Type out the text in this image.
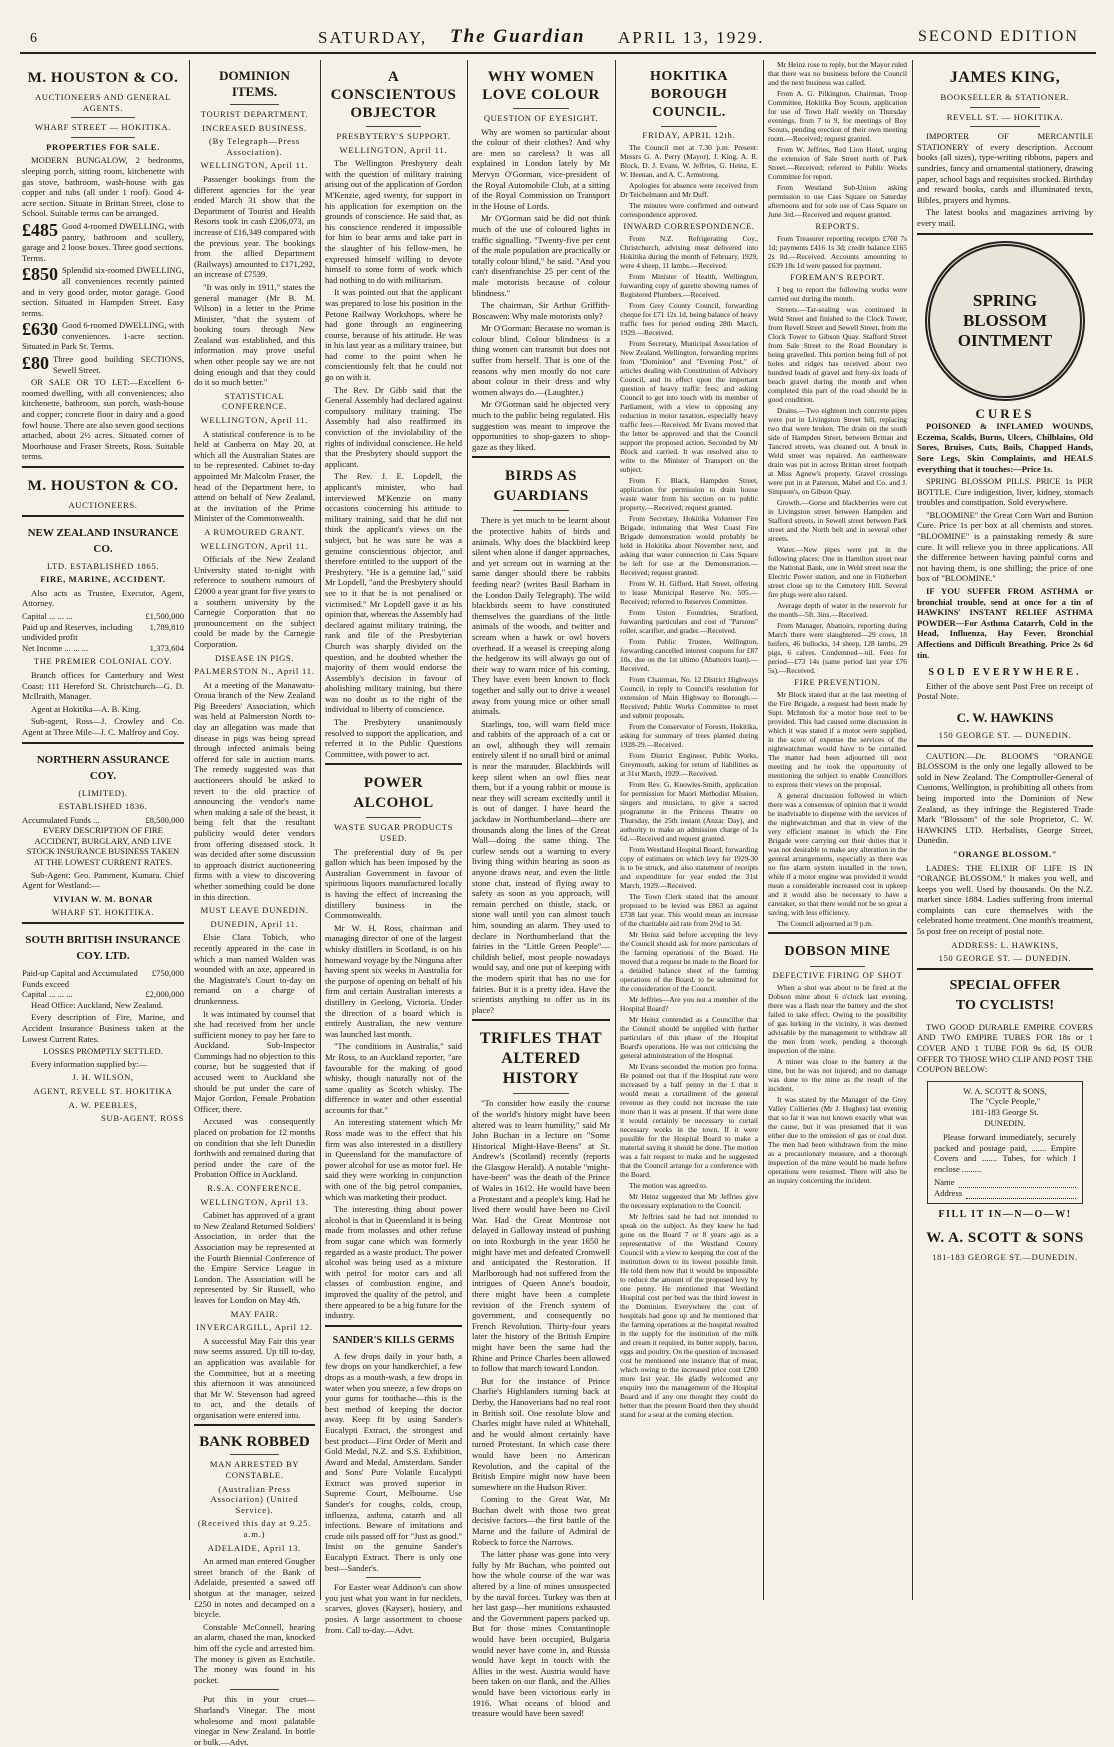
6	SATURDAY, The Guardian APRIL 13, 1929.	SECOND EDITION
M. HOUSTON & CO.
AUCTIONEERS AND GENERAL AGENTS.
WHARF STREET — HOKITIKA.
PROPERTIES FOR SALE.

MODERN BUNGALOW, 2 bedrooms, sleeping porch, sitting room, kitchenette with gas stove, bathroom, wash-house with gas copper and tubs (all under 1 roof). Good 4-acre section. Situate in Brittan Street, close to School. Suitable terms can be arranged.

£485 Good 4-roomed DWELLING, with pantry, bathroom and scullery, garage and 2 loose boxes. Three good sections. Terms.

£850 Splendid six-roomed DWELLING, all conveniences recently painted and in very good order, motor garage. Good section. Situated in Hampden Street. Easy terms.

£630 Good 6-roomed DWELLING, with conveniences. 1-acre section. Situated in Park St. Terms.

£80 Three good building SECTIONS, Sewell Street.

OR SALE OR TO LET:—Excellent 6-roomed dwelling, with all conveniences; also kitchenette, bathroom, sun porch, wash-house and copper; concrete floor in dairy and a good fowl house. There are also seven good sections attached, about 2½ acres. Situated corner of Moorhouse and Fraser Streets, Ross. Suitable terms.

M. HOUSTON & CO.
AUCTIONEERS.
NEW ZEALAND INSURANCE CO.
LTD. ESTABLISHED 1865.
FIRE, MARINE, ACCIDENT.

Also acts as Trustee, Executor, Agent, Attorney.

Capital ... ... ...	£1,500,000
Paid up and Reserves, including undivided profit
1,789,810
Net Income ... ... ...	1,373,604
THE PREMIER COLONIAL COY.

Branch offices for Canterbury and West Coast: 111 Hereford St. Christchurch—G. D. McIlraith, Manager.

Agent at Hokitika—A. B. King.

Sub-agent, Ross—J. Crowley and Co. Agent at Three Mile—J. C. Malfroy and Coy.

NORTHERN ASSURANCE COY.
(LIMITED).
ESTABLISHED 1836.
Accumulated Funds ...	£8,500,000

EVERY DESCRIPTION OF FIRE ACCIDENT, BURGLARY, AND LIVE STOCK INSURANCE BUSINESS TAKEN AT THE LOWEST CURRENT RATES.

Sub-Agent: Geo. Pamment, Kumara. Chief Agent for Westland:—

VIVIAN W. M. BONAR
WHARF ST. HOKITIKA.
SOUTH BRITISH INSURANCE COY. LTD.
Paid-up Capital and Accumulated Funds exceed
£750,000
Capital ... ... ...	£2,000,000

Head Office: Auckland, New Zealand.

Every description of Fire, Marine, and Accident Insurance Business taken at the Lowest Current Rates.

LOSSES PROMPTLY SETTLED.

Every information supplied by:—

J. H. WILSON,
AGENT, REVELL ST. HOKITIKA
A. W. PEEBLES,
SUB-AGENT. ROSS
DOMINION ITEMS.
TOURIST DEPARTMENT.
INCREASED BUSINESS.
(By Telegraph—Press Association).
WELLINGTON, April 11.

Passenger bookings from the different agencies for the year ended March 31 show that the Department of Tourist and Health Resorts took in cash £206,073, an increase of £16,349 compared with the previous year. The bookings from the allied Department (Railways) amounted to £171,292, an increase of £7539.

"It was only in 1911," states the general manager (Mr B. M. Wilson) in a letter to the Prime Minister, "that the system of booking tours through New Zealand was established, and this information may prove useful when other people say we are not doing enough and that they could do it so much better."

STATISTICAL CONFERENCE.
WELLINGTON, April 11.

A statistical conference is to be held at Canberra on May 20, at which all the Australian States are to be represented. Cabinet to-day appointed Mr Malcolm Fraser, the head of the Department here, to attend on behalf of New Zealand, at the invitation of the Prime Minister of the Commonwealth.

A RUMOURED GRANT.
WELLINGTON, April 11.

Officials of the New Zealand University stated to-night with reference to southern rumours of £2000 a year grant for five years to a southern university by the Carnegie Corporation that no pronouncement on the subject could be made by the Carnegie Corporation.

DISEASE IN PIGS.
PALMERSTON N., April 11.

At a meeting of the Manawatu-Oroua branch of the New Zealand Pig Breeders' Association, which was held at Palmerston North to-day an allegation was made that disease in pigs was being spread through infected animals being offered for sale in auction marts. The remedy suggested was that auctioneers should be asked to revert to the old practice of announcing the vendor's name when making a sale of the beast, it being felt that the resultant publicity would deter vendors from offering diseased stock. It was decided after some discussion to approach district auctioneering firms with a view to discovering whether something could be done in this direction.

MUST LEAVE DUNEDIN.
DUNEDIN, April 11.

Elsie Clara Tobich, who recently appeared in the case in which a man named Walden was wounded with an axe, appeared in the Magistrate's Court to-day on remand on a charge of drunkenness.

It was intimated by counsel that she had received from her uncle sufficient money to pay her fare to Auckland. Sub-Inspector Cummings had no objection to this course, but he suggested that if accused went to Auckland she should be put under the care of Major Gordon, Female Probation Officer, there.

Accused was consequently placed on probation for 12 months on condition that she left Dunedin forthwith and remained during that period under the care of the Probation Office in Auckland.

R.S.A. CONFERENCE.
WELLINGTON, April 13.

Cabinet has approved of a grant to New Zealand Returned Soldiers' Association, in order that the Association may be represented at the Fourth Biennial Conference of the Empire Service League in London. The Association will be represented by Sir Russell, who leaves for London on May 4th.

MAY FAIR.
INVERCARGILL, April 12.

A successful May Fair this year now seems assured. Up till to-day, an application was available for the Committee, but at a meeting this afternoon it was announced that Mr W. Stevenson had agreed to act, and the details of organisation were entered into.

BANK ROBBED
MAN ARRESTED BY CONSTABLE.
(Australian Press Association) (United Service).
(Received this day at 9.25. a.m.)
ADELAIDE, April 13.

An armed man entered Gougher street branch of the Bank of Adelaide, presented a sawed off shotgun at the manager, seized £250 in notes and decamped on a bicycle.

Constable McConnell, hearing an alarm, chased the man, knocked him off the cycle and arrested him. The money is given as Estchstile. The money was found in his pocket.

Put this in your cruet—Sharland's Vinegar. The most wholesome and most palatable vinegar in New Zealand. In bottle or bulk.—Advt.

A CONSCIENTOUS OBJECTOR
PRESBYTERY'S SUPPORT.
WELLINGTON, April 11.

The Wellington Presbytery dealt with the question of military training arising out of the application of Gordon M'Kenzie, aged twenty, for support in his application for exemption on the grounds of conscience. He said that, as his conscience rendered it impossible for him to bear arms and take part in the slaughter of his fellow-men, he expressed himself willing to devote himself to some form of work which had nothing to do with militarism.

It was pointed out that the applicant was prepared to lose his position in the Petone Railway Workshops, where he had gone through an engineering course, because of his attitude. He was in his last year as a military trainee, but had come to the point when he conscientiously felt that he could not go on with it.

The Rev. Dr Gibb said that the General Assembly had declared against compulsory military training. The Assembly had also reaffirmed its conviction of the inviolability of the rights of individual conscience. He held that the Presbytery should support the applicant.

The Rev. J. E. Lopdell, the applicant's minister, who had interviewed M'Kenzie on many occasions concerning his attitude to military training, said that he did not think the applicant's views on the subject, but he was sure he was a genuine conscientious objector, and therefore entitled to the support of the Presbytery. "He is a genuine lad," said Mr Lopdell, "and the Presbytery should see to it that he is not penalised or victimised." Mr Lopdell gave it as his opinion that, whereas the Assembly had declared against military training, the rank and file of the Presbyterian Church was sharply divided on the question, and he doubted whether the majority of them would endorse the Assembly's decision in favour of abolishing military training, but there was no doubt as to the right of the individual to liberty of conscience.

The Presbytery unanimously resolved to support the application, and referred it to the Public Questions Committee, with power to act.

POWER ALCOHOL
WASTE SUGAR PRODUCTS USED.

The preferential duty of 9s per gallon which has been imposed by the Australian Government in favour of spirituous liquors manufactured locally is having the effect of increasing the distillery business in the Commonwealth.

Mr W. H. Ross, chairman and managing director of one of the largest whisky distillers in Scotland, is on his homeward voyage by the Ninguna after having spent six weeks in Australia for the purpose of opening on behalf of his firm and certain Australian interests a distillery in Geelong, Victoria. Under the direction of a board which is entirely Australian, the new venture was launched last month.

"The conditions in Australia," said Mr Ross, to an Auckland reporter, "are favourable for the making of good whisky, though naturally not of the same quality as Scotch whisky. The difference in water and other essential accounts for that."

An interesting statement which Mr Ross made was to the effect that his firm was also interested in a distillery in Queensland for the manufacture of power alcohol for use as motor fuel. He said they were working in conjunction with one of the big petrol companies, which was marketing their product.

The interesting thing about power alcohol is that in Queensland it is being made from molasses and other refuse from sugar cane which was formerly regarded as a waste product. The power alcohol was being used as a mixture with petrol for motor cars and all classes of combustion engine, and improved the quality of the petrol, and there appeared to be a big future for the industry.

SANDER'S KILLS GERMS

A few drops daily in your bath, a few drops on your handkerchief, a few drops as a mouth-wash, a few drops in water when you sneeze, a few drops on your gums for toothache—this is the best method of keeping the doctor away. Keep fit by using Sander's Eucalypti Extract, the strongest and best product—First Order of Merit and Gold Medal, N.Z. and S.S. Exhibition, Award and Medal, Amsterdam. Sander and Sons' Pure Volatile Eucalypti Extract was proved superior in Supreme Court, Melbourne. Use Sander's for coughs, colds, croup, influenza, asthma, catarrh and all infections. Beware of imitations and crude oils passed off for "Just as good." Insist on the genuine Sander's Eucalypti Extract. There is only one best—Sander's.

For Easter wear Addison's can show you just what you want in fur necklets, scarves, gloves (Kayser), hosiery, and posies. A large assortment to choose from. Call to-day.—Advt.

WHY WOMEN LOVE COLOUR
QUESTION OF EYESIGHT.

Why are women so particular about the colour of their clothes? And why are men so careless? It was all explained in London lately by Mr Mervyn O'Gorman, vice-president of the Royal Automobile Club, at a sitting of the Royal Commission on Transport in the House of Lords.

Mr O'Gorman said he did not think much of the use of coloured lights in traffic signalling. "Twenty-five per cent of the male population are practically or totally colour blind," he said. "And you can't disenfranchise 25 per cent of the male motorists because of colour blindness."

The chairman, Sir Arthur Griffith-Boscawen: Why male motorists only?

Mr O'Gorman: Because no woman is colour blind. Colour blindness is a thing women can transmit but does not suffer from herself. That is one of the reasons why men mostly do not care about colour in their dress and why women always do.—(Laughter.)

Mr O'Gorman said he objected very much to the public being regulated. His suggestion was meant to improve the opportunities to shop-gazers to shop-gaze as they liked.

BIRDS AS GUARDIANS

There is yet much to be learnt about the protective habits of birds and animals. Why does the blackbird keep silent when alone if danger approaches, and yet scream out in warning at the same danger should there be rabbits feeding near? (writes Basil Barham in the London Daily Telegraph). The wild blackbirds seem to have constituted themselves the guardians of the little animals of the woods, and twitter and scream when a hawk or owl hovers overhead. If a weasel is creeping along the hedgerow its will always go out of their way to warn mice of his coming. They have even been known to flock together and sally out to drive a weasel away from young mice or other small animals.

Starlings, too, will warn field mice and rabbits of the approach of a cat or an owl, although they will remain entirely silent if no small bird or animal is near the marauder. Blackbirds will keep silent when an owl flies near them, but if a young rabbit or mouse is near they will scream excitedly until it is out of danger. I have heard the jackdaw in Northumberland—there are thousands along the lines of the Great Wall—doing the same thing. The curlew sends out a warning to every living thing within hearing as soon as anyone draws near, and even the little stone chat, instead of flying away to safety as soon as you approach, will remain perched on thistle, stack, or stone wall until you can almost touch him, sounding an alarm. They used to declare in Northumberland that the fairies in the "Little Green People"—childish belief, most people nowadays would say, and one put of keeping with the modern spirit that has no use for fairies. But it is a pretty idea. Have the scientists anything to offer us in its place?

TRIFLES THAT ALTERED HISTORY

"To consider how easily the course of the world's history might have been altered was to learn humility," said Mr John Buchan in a lecture on "Some Historical Might-Have-Beens" at St. Andrew's (Scotland) recently (reports the Glasgow Herald). A notable "might-have-been" was the death of the Prince of Wales in 1612. He would have been a Protestant and a people's king. Had he lived there would have been no Civil War. Had the Great Montrose not delayed in Galloway instead of pushing on into Roxburgh in the year 1650 he might have met and defeated Cromwell and anticipated the Restoration. If Marlborough had not suffered from the intrigues of Queen Anne's boudoir, there might have been a complete revision of the French system of government, and consequently no French Revolution. Thirty-four years later the history of the British Empire might have been the same had the Rhine and Prince Charles been allowed to follow that march toward London.

But for the instance of Prince Charlie's Highlanders turning back at Derby, the Hanoverians had no real root in British soil. One resolute blow and Charles might have ruled at Whitehall, and he would almost certainly have turned Protestant. In which case there would have been no American Revolution, and the capital of the British Empire might now have been somewhere on the Hudson River.

Coming to the Great War, Mr Buchan dwelt with those two great decisive factors—the first battle of the Marne and the failure of Admiral de Robeck to force the Narrows.

The latter phase was gone into very fully by Mr Buchan, who pointed out how the whole course of the war was altered by a line of mines unsuspected by the naval forces. Turkey was then at her last gasp—her munitions exhausted and the Government papers packed up. But for those mines Constantinople would have been occupied, Bulgaria would never have come in, and Russia would have kept in touch with the Allies in the west. Austria would have been taken on our flank, and the Allies would have been victorious early in 1916. What oceans of blood and treasure would have been saved!

HOKITIKA BOROUGH COUNCIL.
FRIDAY, APRIL 12th.

The Council met at 7.30 p.m. Present: Messrs G. A. Perry (Mayor), J. King, A. R. Block, D. J. Evans, W. Jeffries, G. Heinz, E. W. Heenan, and A. C. Armstrong.

Apologies for absence were received from Dr Teichelmann and Mr Duff.

The minutes were confirmed and outward correspondence approved.

INWARD CORRESPONDENCE.

From N.Z. Refrigerating Coy., Christchurch, advising meat delivered into Hokitika during the month of February, 1929, were 4 sheep, 11 lambs.—Received.

From Minister of Health, Wellington, forwarding copy of gazette showing names of Registered Plumbers.—Received.

From Grey County Council, forwarding cheque for £71 12s 1d, being balance of heavy traffic fees for period ending 28th March, 1929.—Received.

From Secretary, Municipal Association of New Zealand, Wellington, forwarding reprints from "Dominion" and "Evening Post," of articles dealing with Constitution of Advisory Council, and its effect upon the important question of heavy traffic fees; and asking Council to get into touch with its member of Parliament, with a view to opposing any reduction in motor taxation, especially heavy traffic fees.—Received. Mr Evans moved that the letter be approved and that the Council support the proposed action. Seconded by Mr Block and carried. It was resolved also to write to the Minister of Transport on the subject.

From F. Black, Hampden Street, application for permission to drain house waste water from his section on to public property.—Received; request granted.

From Secretary, Hokitika Volunteer Fire Brigade, intimating that West Coast Fire Brigade demonstration would probably be held in Hokitika about November next, and asking that water connection in Cass Square be left for use at the Demonstration.—Received; request granted.

From W. H. Gifford, Hall Street, offering to lease Municipal Reserve No. 505.—Received; referred to Reserves Committee.

From Union Foundries, Stratford, forwarding particulars and cost of "Parsons" roller, scarifier, and grader.—Received.

From Public Trustee, Wellington, forwarding cancelled interest coupons for £87 10s, due on the 1st ultimo (Abattoirs loan).—Received.

From Chairman, No. 12 District Highways Council, in reply to Council's resolution for extension of Main Highway to Borough.—Received; Public Works Committee to meet and submit proposals.

From the Conservator of Forests, Hokitika, asking for summary of trees planted during 1928-29.—Received.

From District Engineer, Public Works, Greymouth, asking for return of liabilities as at 31st March, 1929.—Received.

From Rev. G. Knowles-Smith, application for permission for Maori Methodist Mission, singers and musicians, to give a sacred programme in the Princess Theatre on Thursday, the 25th instant (Anzac Day), and authority to make an admission charge of 1s 6d.—Received and request granted.

From Westland Hospital Board, forwarding copy of estimates on which levy for 1929-30 is to be struck, and also statement of receipts and expenditure for year ended the 31st March, 1929.—Received.

The Town Clerk stated that the amount proposed to be levied was £863 as against £738 last year. This would mean an increase of the charitable aid rate from 2½d to 3d.

Mr Heinz said before accepting the levy the Council should ask for more particulars of the farming operations of the Board. He moved that a request be made to the Board for a detailed balance sheet of the farming operations of the Board, to be submitted for the consideration of the Council.

Mr Jeffries—Are you not a member of the Hospital Board?

Mr Heinz contended as a Councillor that the Council should be supplied with further particulars of this phase of the Hospital Board's operations. He was not criticising the general administration of the Hospital.

Mr Evans seconded the motion pro forma. He pointed out that if the Hospital rate were increased by a half penny in the £ that it would mean a curtailment of the general revenue as they could not increase the rate more than it was at present. If that were done it would certainly be necessary to curtail necessary works in the town. If it were possible for the Hospital Board to make a material saving it should be done. The motion was a fair request to make and he suggested that the Council arrange for a conference with the Board.

The motion was agreed to.

Mr Heinz suggested that Mr Jeffries give the necessary explanation to the Council.

Mr Jeffries said he had not intended to speak on the subject. As they knew he had gone on the Board 7 or 8 years ago as a representative of the Westland County Council with a view to keeping the cost of the institution down to its lowest possible limit. He told them now that it would be impossible to reduce the amount of the proposed levy by one penny. He mentioned that Westland Hospital cost per bed was the third lowest in the Dominion. Everywhere the cost of hospitals had gone up and he mentioned that the farming operations at the hospital resulted in the supply for the institution of the milk and cream it required, its butter supply, bacon, eggs and poultry. On the question of increased cost he mentioned one instance that of meat, which owing to the increased price cost £200 more last year. He gladly welcomed any enquiry into the management of the Hospital Board and if any one thought they could do better than the present Board then they should stand for a seat at the coming election.

Mr Heinz rose to reply, but the Mayor ruled that there was no business before the Council and the next business was called.

From A. G. Pilkington, Chairman, Troop Committee, Hokitika Boy Scouts, application for use of Town Hall weekly on Thursday evenings, from 7 to 9, for meetings of Boy Scouts, pending erection of their own meeting room.—Received; request granted.

From W. Jeffries, Red Lion Hotel, urging the extension of Sale Street north of Park Street.—Received; referred to Public Works Committee for report.

From Westland Sub-Union asking permission to use Cass Square on Saturday afternoons and for sole use of Cass Square on June 3rd.—Received and request granted.

REPORTS.

From Treasurer reporting receipts £760 7s 1d; payments £416 1s 3d; credit balance £165 2s 8d.—Received. Accounts amounting to £639 18s 1d were passed for payment.

FOREMAN'S REPORT.

I beg to report the following works were carried out during the month.

Streets.—Tar-sealing was continued in Weld Street and finished to the Clock Tower, from Revell Street and Sewell Street, from the Clock Tower to Gibson Quay. Stafford Street from Sale Street to the Road Boundary is being gravelled. This portion being full of pot holes and ridges has received about two hundred loads of gravel and forty-six loads of beach gravel during the month and when completed this part of the road should be in good condition.

Drains.—Two eighteen inch concrete pipes were put in Livingston Street hill, replacing two that were broken. The drain on the south side of Hampden Street, between Brittan and Tancred streets, was cleaned out. A break in Weld street was repaired. An earthenware drain was put in across Brittan street footpath at Miss Agnew's property. Gravel crossings were put in at Paterson, Mabel and Co. and J. Simpson's, on Gibson Quay.

Growth.—Gorse and blackberries were cut in Livingston street between Hampden and Stafford streets, in Sewell street between Park street and the North belt and in several other streets.

Water.—New pipes were put in the following places: One in Hamilton street near the National Bank, one in Weld street near the Electric Power station, and one in Fitzherbert street close up to the Cemetery Hill. Several fire plugs were also raised.

Average depth of water in the reservoir for the month—5ft. 3ins.—Received.

From Manager, Abattoirs, reporting during March there were slaughtered—29 cows, 18 heifers, 46 bullocks, 14 sheep, 128 lambs, 29 pigs, 6 calves. Condemned—nil. Fees for period—£73 14s (same period last year £76 5s).—Received.

FIRE PREVENTION.

Mr Block stated that at the last meeting of the Fire Brigade, a request had been made by Supt. McIntosh for a motor hose reel to be provided. This had caused some discussion in which it was stated if a motor were supplied, in the score of expense the services of the nightwatchman would have to be curtailed. The matter had been adjourned till next meeting and he took the opportunity of mentioning the subject to enable Councillors to express their views on the proposal.

A general discussion followed in which there was a consensus of opinion that it would be inadvisable to dispense with the services of the nightwatchman and that in view of the very efficient manner in which the Fire Brigade were carrying out their duties that it was not desirable to make any alteration in the general arrangements, especially as there was no fire alarm system installed in the town, while if a motor engine was provided it would mean a considerable increased cost in upkeep and it would also be necessary to have a caretaker, so that there would not be so great a saving, with less efficiency.

The Council adjourned at 9 p.m.

DOBSON MINE
DEFECTIVE FIRING OF SHOT

When a shot was about to be fired at the Dobson mine about 6 o'clock last evening, there was a flash near the battery and the shot failed to take effect. Owing to the possibility of gas lurking in the vicinity, it was deemed advisable by the management to withdraw all the men from work, pending a thorough inspection of the mine.

A miner was close to the battery at the time, but he was not injured; and no damage was done to the mine as the result of the incident.

It was stated by the Manager of the Grey Valley Collieries (Mr J. Hughes) last evening that so far it was not known exactly what was the cause, but it was presumed that it was either due to the omission of gas or coal dust. The men had been withdrawn from the mine as a precautionary measure, and a thorough inspection of the mine would be made before operations were resumed. There will also be an inquiry concerning the incident.

JAMES KING,
BOOKSELLER & STATIONER.
REVELL ST. — HOKITIKA.

IMPORTER OF MERCANTILE STATIONERY of every description. Account books (all sizes), type-writing ribbons, papers and sundries, fancy and ornamental stationery, drawing paper, school bags and requisites stocked. Birthday and reward books, cards and illuminated texts, Bibles, prayers and hymns.

The latest books and magazines arriving by every mail.

SPRING BLOSSOM OINTMENT
CURES

POISONED & INFLAMED WOUNDS, Eczema, Scalds, Burns, Ulcers, Chilblains, Old Sores, Bruises, Cuts, Boils, Chapped Hands, Sore Legs, Skin Complaints, and HEALS everything that it touches:—Price 1s.

SPRING BLOSSOM PILLS. PRICE 1s PER BOTTLE. Cure indigestion, liver, kidney, stomach troubles and constipation. Sold everywhere.

"BLOOMINE" the Great Corn Wart and Bunion Cure. Price 1s per box at all chemists and stores. "BLOOMINE" is a painstaking remedy & sure cure. It will relieve you in three applications. All the difference between having painful corns and not having them, is one shilling; the price of one box of "BLOOMINE."

IF YOU SUFFER FROM ASTHMA or bronchial trouble, send at once for a tin of HAWKINS' INSTANT RELIEF ASTHMA POWDER—For Asthma Catarrh, Cold in the Head, Influenza, Hay Fever, Bronchial Affections and Difficult Breathing. Price 2s 6d tin.

SOLD EVERYWHERE.

Either of the above sent Post Free on receipt of Postal Note.

C. W. HAWKINS
150 GEORGE ST. — DUNEDIN.

CAUTION.—Dr. BLOOM'S "ORANGE BLOSSOM is the only one legally allowed to be sold in New Zealand. The Comptroller-General of Customs, Wellington, is prohibiting all others from being imported into the Dominion of New Zealand, as they infringe the Registered Trade Mark "Blossom" of the sole Proprietor, C. W. HAWKINS LTD. Herbalists, George Street, Dunedin.

"ORANGE BLOSSOM."

LADIES: THE ELIXIR OF LIFE IS IN "ORANGE BLOSSOM." It makes you well, and keeps you well. Used by thousands. On the N.Z. market since 1884. Ladies suffering from internal complaints can cure themselves with the celebrated home treatment. One month's treatment, 5s post free on receipt of postal note.

ADDRESS: L. HAWKINS,
150 GEORGE ST. — DUNEDIN.
SPECIAL OFFER TO CYCLISTS!

TWO GOOD DURABLE EMPIRE COVERS AND TWO EMPIRE TUBES FOR 18s or 1 COVER AND 1 TUBE FOR 9s 6d, IS OUR OFFER TO THOSE WHO CLIP AND POST THE COUPON BELOW:

W. A. SCOTT & SONS,
The "Cycle People,"
181-183 George St.
DUNEDIN.

Please forward immediately, securely packed and postage paid, ....... Empire Covers and ....... Tubes, for which I enclose .........

Name
Address
FILL IT IN—N—O—W!
W. A. SCOTT & SONS
181-183 GEORGE ST.—DUNEDIN.
